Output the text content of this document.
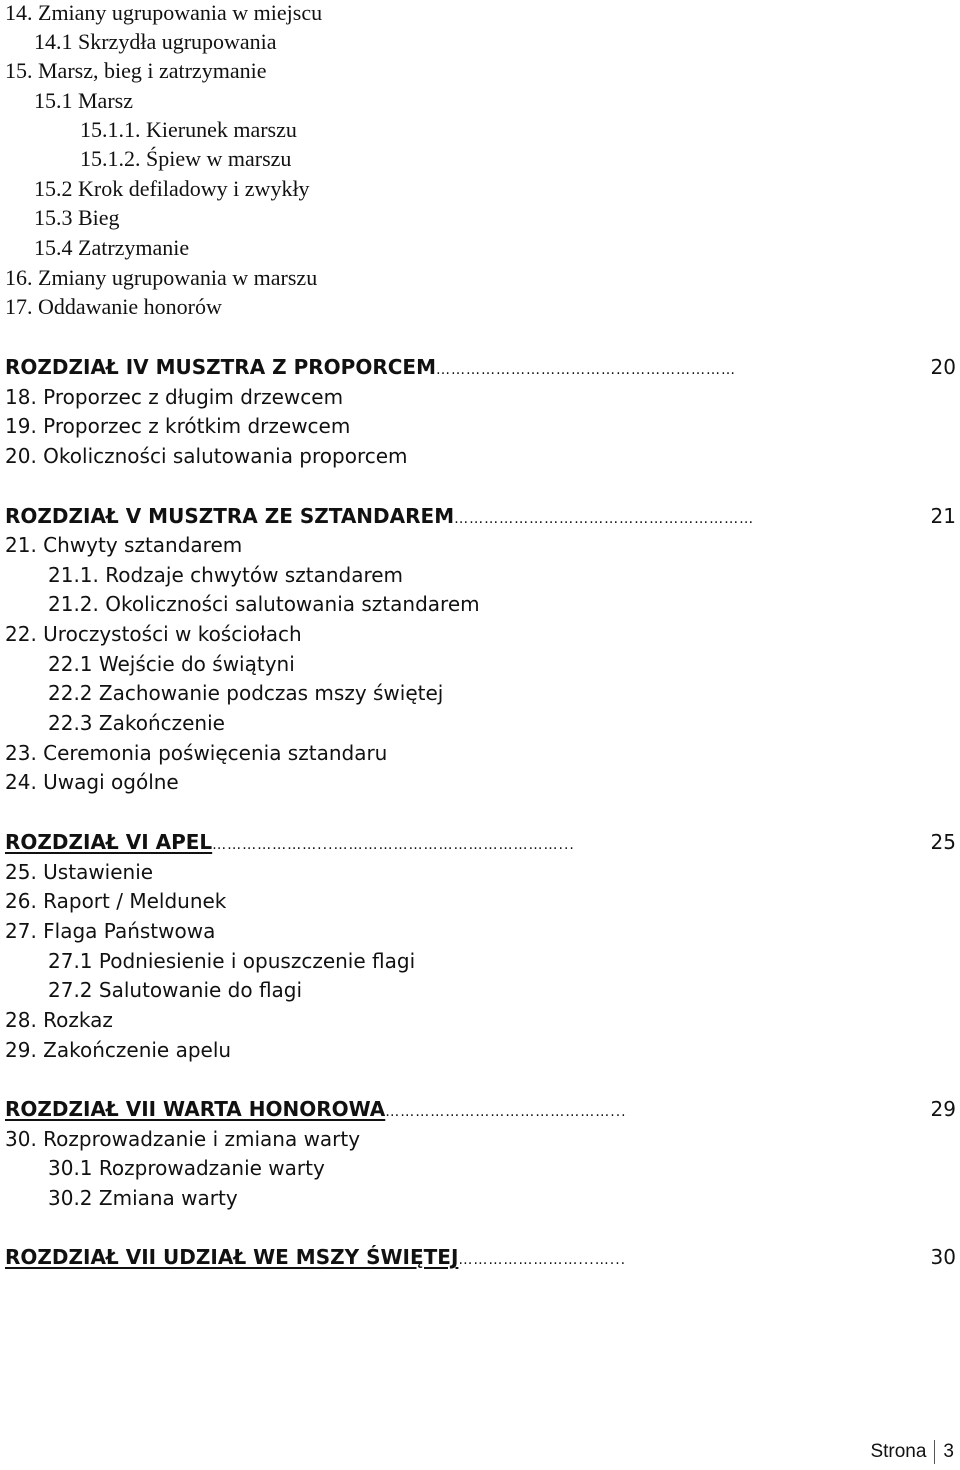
14. Zmiany ugrupowania w miejscu
14.1 Skrzydła ugrupowania
15. Marsz, bieg i zatrzymanie
15.1 Marsz
15.1.1. Kierunek marszu
15.1.2. Śpiew w marszu
15.2 Krok defiladowy i zwykły
15.3 Bieg
15.4 Zatrzymanie
16. Zmiany ugrupowania w marszu
17. Oddawanie honorów
ROZDZIAŁ IV MUSZTRA Z PROPORCEM ……………………………………………………	20
18. Proporzec z długim drzewcem
19. Proporzec z krótkim drzewcem
20. Okoliczności salutowania proporcem
ROZDZIAŁ V MUSZTRA ZE SZTANDAREM ……………………………………………………	21
21. Chwyty sztandarem
21.1. Rodzaje chwytów sztandarem
21.2. Okoliczności salutowania sztandarem
22. Uroczystości w kościołach
22.1 Wejście do świątyni
22.2 Zachowanie podczas mszy świętej
22.3 Zakończenie
23. Ceremonia poświęcenia sztandaru
24. Uwagi ogólne
ROZDZIAŁ VI APEL …………………...………………………………………...	25
25. Ustawienie
26. Raport / Meldunek
27. Flaga Państwowa
27.1 Podniesienie i opuszczenie flagi
27.2 Salutowanie do flagi
28. Rozkaz
29. Zakończenie apelu
ROZDZIAŁ VII WARTA HONOROWA ………………………………………...	29
30. Rozprowadzanie i zmiana warty
30.1 Rozprowadzanie warty
30.2 Zmiana warty
ROZDZIAŁ VII UDZIAŁ WE MSZY ŚWIĘTEJ ……………………...…...	30
Strona 3
